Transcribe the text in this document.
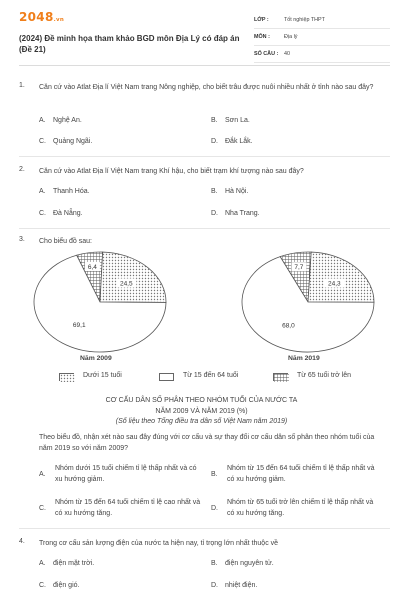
2048.vn
(2024) Đề minh họa tham khảo BGD môn Địa Lý có đáp án (Đề 21)
LỚP :	Tốt nghiệp THPT
MÔN :	Địa lý
SỐ CÂU : 40
1. Căn cứ vào Atlat Địa lí Việt Nam trang Nông nghiệp, cho biết trâu được nuôi nhiều nhất ở tỉnh nào sau đây?
A. Nghệ An.	B. Sơn La.
C. Quảng Ngãi.	D. Đắk Lắk.
2. Căn cứ vào Atlat Địa lí Việt Nam trang Khí hậu, cho biết trạm khí tượng nào sau đây?
A. Thanh Hóa.	B. Hà Nội.
C. Đà Nẵng.	D. Nha Trang.
3. Cho biểu đồ sau:
6,4
24,5
69,1
7,7
24,3
68,0
Năm 2009	Năm 2019
Dưới 15 tuổi	Từ 15 đến 64 tuổi	Từ 65 tuổi trở lên
CƠ CẤU DÂN SỐ PHÂN THEO NHÓM TUỔI CỦA NƯỚC TA
NĂM 2009 VÀ NĂM 2019 (%)
(Số liệu theo Tổng điều tra dân số Việt Nam năm 2019)
Theo biểu đồ, nhận xét nào sau đây đúng với cơ cấu và sự thay đổi cơ cấu dân số phân theo nhóm tuổi của năm 2019 so với năm 2009?
A.
Nhóm dưới 15 tuổi chiếm tỉ lệ thấp nhất và có xu hướng giảm.
B.
Nhóm từ 15 đến 64 tuổi chiếm tỉ lệ thấp nhất và có xu hướng giảm.
C.
Nhóm từ 15 đến 64 tuổi chiếm tỉ lệ cao nhất và có xu hướng tăng.
D.
Nhóm từ 65 tuổi trở lên chiếm tỉ lệ thấp nhất và có xu hướng tăng.
4. Trong cơ cấu sản lượng điện của nước ta hiện nay, tỉ trọng lớn nhất thuộc về
A. điện mặt trời.	B. điện nguyên tử.
C. điện gió.	D. nhiệt điện.
